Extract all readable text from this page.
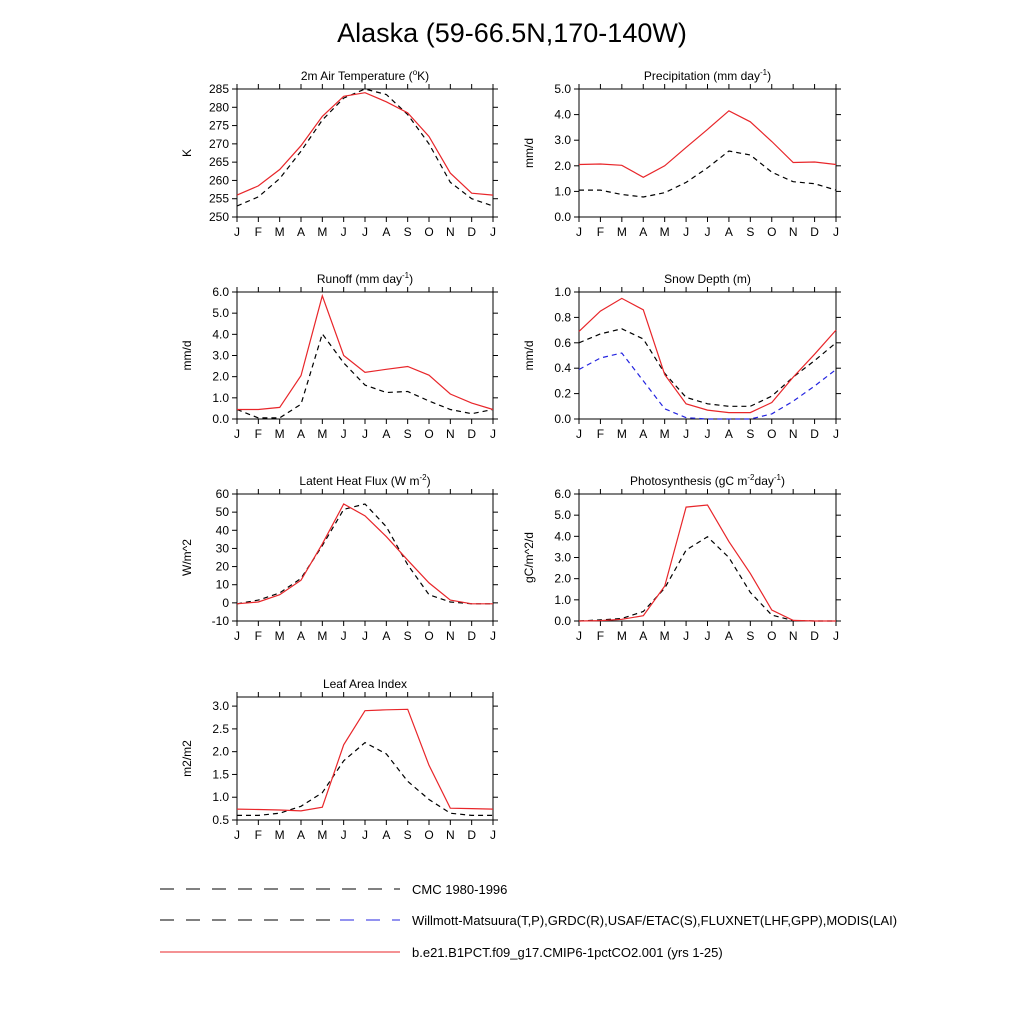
Alaska (59-66.5N,170-140W)
2m Air Temperature ($^o$K)
J F M A M J J A S O N D J
250
255
260
265
270
275
280
285
K
Precipitation (mm day$^{-1}$)
J F M A M J J A S O N D J
0.0
1.0
2.0
3.0
4.0
5.0
mm/d
Runoff (mm day$^{-1}$)
J F M A M J J A S O N D J
0.0
1.0
2.0
3.0
4.0
5.0
6.0
mm/d
Snow Depth (m)
J F M A M J J A S O N D J
0.0
0.2
0.4
0.6
0.8
1.0
mm/d
Latent Heat Flux (W $m^{-2}$)
J F M A M J J A S O N D J
-10
0
10
20
30
40
50
60
W/m^2
Photosynthesis (gC $m^{-2}day^{-1}$)
J F M A M J J A S O N D J
0.0
1.0
2.0
3.0
4.0
5.0
6.0
gC/m^2/d
Leaf Area Index
J F M A M J J A S O N D J
0.5
1.0
1.5
2.0
2.5
3.0
m2/m2
CMC 1980-1996
Willmott-Matsuura(T,P),GRDC(R),USAF/ETAC(S),FLUXNET(LHF,GPP),MODIS(LAI)
b.e21.B1PCT.f09_g17.CMIP6-1pctCO2.001 (yrs 1-25)
